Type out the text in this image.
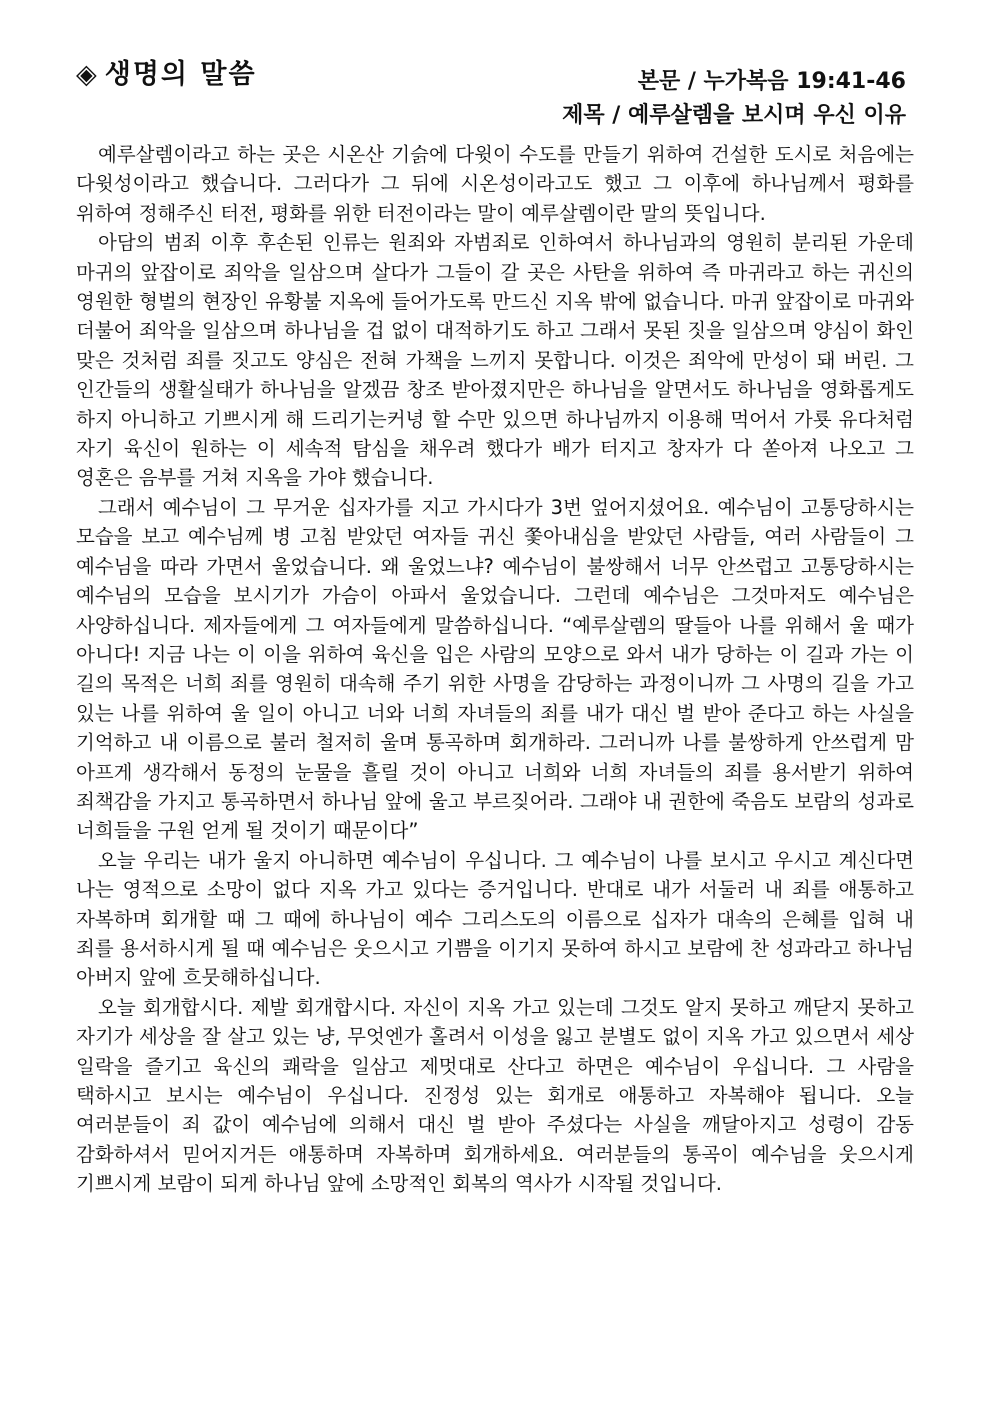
◈ 생명의 말씀	본문 / 누가복음 19:41-46
제목 / 예루살렘을 보시며 우신 이유

예루살렘이라고 하는 곳은 시온산 기슭에 다윗이 수도를 만들기 위하여 건설한 도시로 처음에는 다윗성이라고 했습니다. 그러다가 그 뒤에 시온성이라고도 했고 그 이후에 하나님께서 평화를 위하여 정해주신 터전, 평화를 위한 터전이라는 말이 예루살렘이란 말의 뜻입니다.

아담의 범죄 이후 후손된 인류는 원죄와 자범죄로 인하여서 하나님과의 영원히 분리된 가운데 마귀의 앞잡이로 죄악을 일삼으며 살다가 그들이 갈 곳은 사탄을 위하여 즉 마귀라고 하는 귀신의 영원한 형벌의 현장인 유황불 지옥에 들어가도록 만드신 지옥 밖에 없습니다. 마귀 앞잡이로 마귀와 더불어 죄악을 일삼으며 하나님을 겁 없이 대적하기도 하고 그래서 못된 짓을 일삼으며 양심이 화인 맞은 것처럼 죄를 짓고도 양심은 전혀 가책을 느끼지 못합니다. 이것은 죄악에 만성이 돼 버린. 그 인간들의 생활실태가 하나님을 알겠끔 창조 받아졌지만은 하나님을 알면서도 하나님을 영화롭게도 하지 아니하고 기쁘시게 해 드리기는커녕 할 수만 있으면 하나님까지 이용해 먹어서 가룟 유다처럼 자기 육신이 원하는 이 세속적 탐심을 채우려 했다가 배가 터지고 창자가 다 쏟아져 나오고 그 영혼은 음부를 거쳐 지옥을 가야 했습니다.

그래서 예수님이 그 무거운 십자가를 지고 가시다가 3번 엎어지셨어요. 예수님이 고통당하시는 모습을 보고 예수님께 병 고침 받았던 여자들 귀신 쫓아내심을 받았던 사람들, 여러 사람들이 그 예수님을 따라 가면서 울었습니다. 왜 울었느냐? 예수님이 불쌍해서 너무 안쓰럽고 고통당하시는 예수님의 모습을 보시기가 가슴이 아파서 울었습니다. 그런데 예수님은 그것마저도 예수님은 사양하십니다. 제자들에게 그 여자들에게 말씀하십니다. “예루살렘의 딸들아 나를 위해서 울 때가 아니다! 지금 나는 이 이을 위하여 육신을 입은 사람의 모양으로 와서 내가 당하는 이 길과 가는 이 길의 목적은 너희 죄를 영원히 대속해 주기 위한 사명을 감당하는 과정이니까 그 사명의 길을 가고 있는 나를 위하여 울 일이 아니고 너와 너희 자녀들의 죄를 내가 대신 벌 받아 준다고 하는 사실을 기억하고 내 이름으로 불러 철저히 울며 통곡하며 회개하라. 그러니까 나를 불쌍하게 안쓰럽게 맘 아프게 생각해서 동정의 눈물을 흘릴 것이 아니고 너희와 너희 자녀들의 죄를 용서받기 위하여 죄책감을 가지고 통곡하면서 하나님 앞에 울고 부르짖어라. 그래야 내 권한에 죽음도 보람의 성과로 너희들을 구원 얻게 될 것이기 때문이다”

오늘 우리는 내가 울지 아니하면 예수님이 우십니다. 그 예수님이 나를 보시고 우시고 계신다면 나는 영적으로 소망이 없다 지옥 가고 있다는 증거입니다. 반대로 내가 서둘러 내 죄를 애통하고 자복하며 회개할 때 그 때에 하나님이 예수 그리스도의 이름으로 십자가 대속의 은혜를 입혀 내 죄를 용서하시게 될 때 예수님은 웃으시고 기쁨을 이기지 못하여 하시고 보람에 찬 성과라고 하나님 아버지 앞에 흐뭇해하십니다.

오늘 회개합시다. 제발 회개합시다. 자신이 지옥 가고 있는데 그것도 알지 못하고 깨닫지 못하고 자기가 세상을 잘 살고 있는 냥, 무엇엔가 홀려서 이성을 잃고 분별도 없이 지옥 가고 있으면서 세상 일락을 즐기고 육신의 쾌락을 일삼고 제멋대로 산다고 하면은 예수님이 우십니다. 그 사람을 택하시고 보시는 예수님이 우십니다. 진정성 있는 회개로 애통하고 자복해야 됩니다. 오늘 여러분들이 죄 값이 예수님에 의해서 대신 벌 받아 주셨다는 사실을 깨달아지고 성령이 감동 감화하셔서 믿어지거든 애통하며 자복하며 회개하세요. 여러분들의 통곡이 예수님을 웃으시게 기쁘시게 보람이 되게 하나님 앞에 소망적인 회복의 역사가 시작될 것입니다.
